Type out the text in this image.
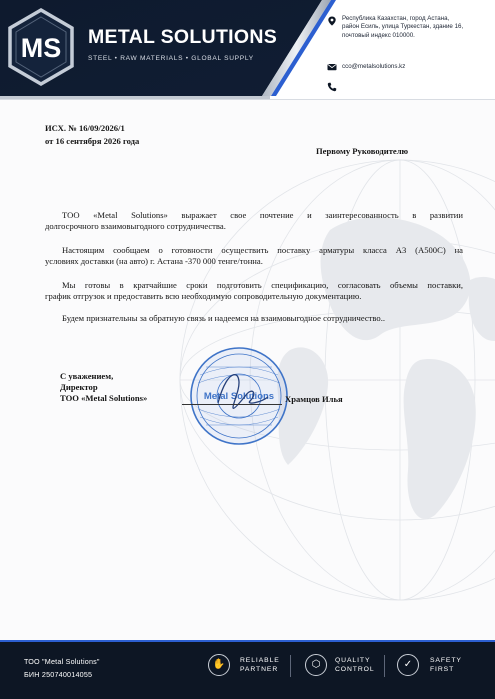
MS METAL SOLUTIONS
STEEL • RAW MATERIALS • GLOBAL SUPPLY
Республика Казахстан, город Астана,
район Есиль, улица Туркестан, здание 16,
почтовый индекс 010000.
cco@metalsolutions.kz
ИСХ. № 16/09/2026/1
от 16 сентября 2026 года
Первому Руководителю
ТОО «Metal Solutions» выражает свое почтение и заинтересованность в развитии
долгосрочного взаимовыгодного сотрудничества.
Настоящим сообщаем о готовности осуществить поставку арматуры класса А3 (А500С) на
условиях доставки (на авто) г. Астана -370 000 тенге/тонна.
Мы готовы в кратчайшие сроки подготовить спецификацию, согласовать объемы поставки,
график отгрузок и предоставить всю необходимую сопроводительную документацию.
Будем признательны за обратную связь и надеемся на взаимовыгодное сотрудничество..
С уважением,
Директор
ТОО «Metal Solutions»	Metal Solutions Храмцов Илья
ТОО "Metal Solutions"
БИН 250740014055
✋	RELIABLE
PARTNER	⬡	QUALITY
CONTROL	✓	SAFETY
FIRST
